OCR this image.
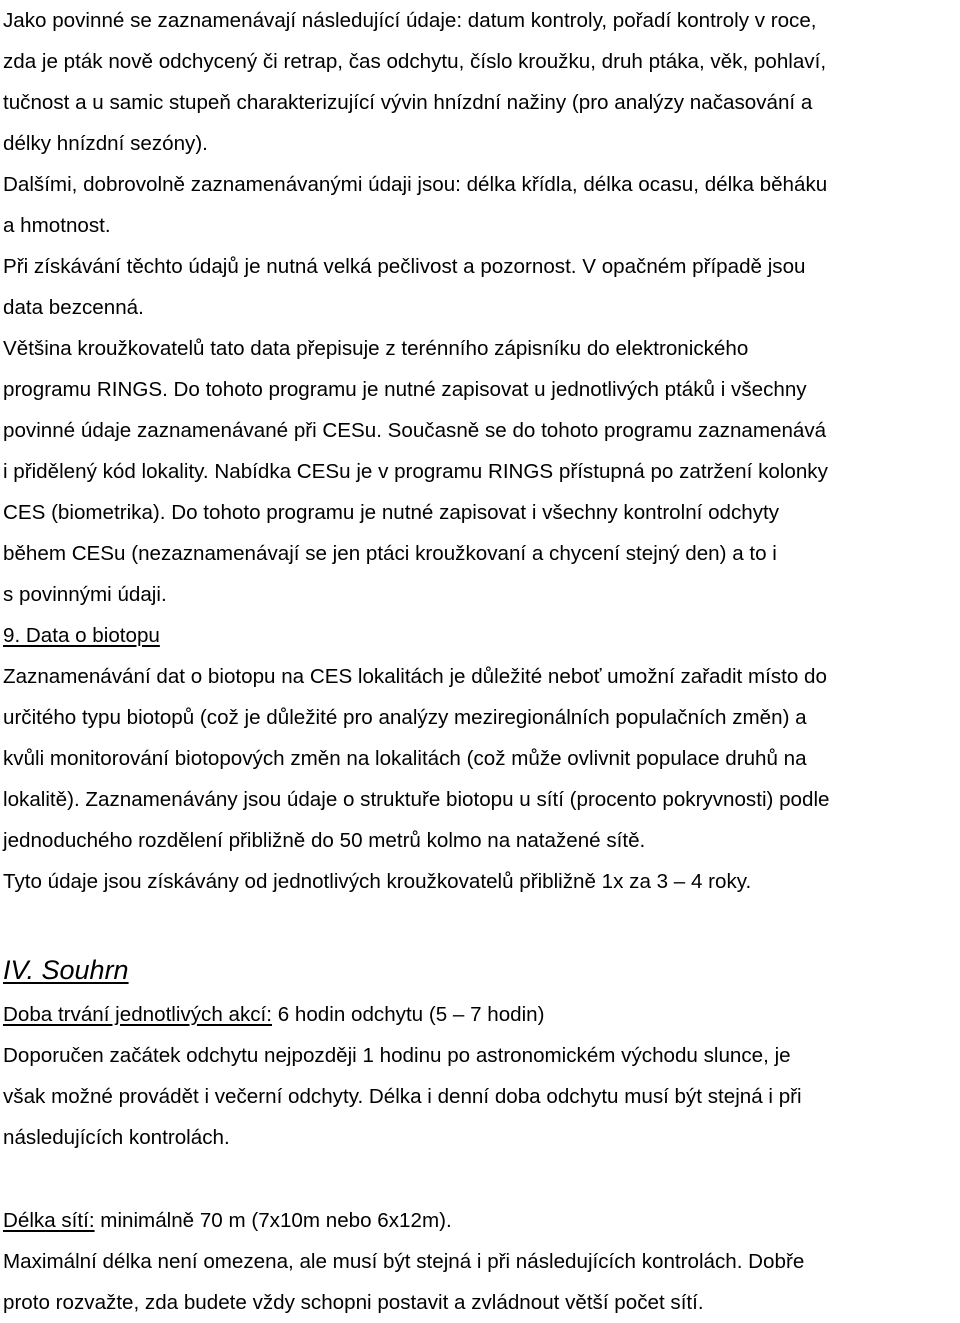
Jako povinné se zaznamenávají následující údaje: datum kontroly, pořadí kontroly v roce,
zda je pták nově odchycený či retrap, čas odchytu, číslo kroužku, druh ptáka, věk, pohlaví,
tučnost a u samic stupeň charakterizující vývin hnízdní nažiny (pro analýzy načasování a
délky hnízdní sezóny).
Dalšími, dobrovolně zaznamenávanými údaji jsou: délka křídla, délka ocasu, délka běháku
a hmotnost.
Při získávání těchto údajů je nutná velká pečlivost a pozornost. V opačném případě jsou
data bezcenná.
Většina kroužkovatelů tato data přepisuje z terénního zápisníku do elektronického
programu RINGS. Do tohoto programu je nutné zapisovat u jednotlivých ptáků i všechny
povinné údaje zaznamenávané při CESu. Současně se do tohoto programu zaznamenává
i přidělený kód lokality. Nabídka CESu je v programu RINGS přístupná po zatržení kolonky
CES (biometrika). Do tohoto programu je nutné zapisovat i všechny kontrolní odchyty
během CESu (nezaznamenávají se jen ptáci kroužkovaní a chycení stejný den) a to i
s povinnými údaji.

9. Data o biotopu
Zaznamenávání dat o biotopu na CES lokalitách je důležité neboť umožní zařadit místo do
určitého typu biotopů (což je důležité pro analýzy meziregionálních populačních změn) a
kvůli monitorování biotopových změn na lokalitách (což může ovlivnit populace druhů na
lokalitě). Zaznamenávány jsou údaje o struktuře biotopu u sítí (procento pokryvnosti) podle
jednoduchého rozdělení přibližně do 50 metrů kolmo na natažené sítě.
Tyto údaje jsou získávány od jednotlivých kroužkovatelů přibližně 1x za 3 – 4 roky.

IV. Souhrn

Doba trvání jednotlivých akcí: 6 hodin odchytu (5 – 7 hodin)
Doporučen začátek odchytu nejpozději 1 hodinu po astronomickém východu slunce, je
však možné provádět i večerní odchyty. Délka i denní doba odchytu musí být stejná i při
následujících kontrolách.

Délka sítí: minimálně 70 m (7x10m nebo 6x12m).
Maximální délka není omezena, ale musí být stejná i při následujících kontrolách. Dobře
proto rozvažte, zda budete vždy schopni postavit a zvládnout větší počet sítí.
